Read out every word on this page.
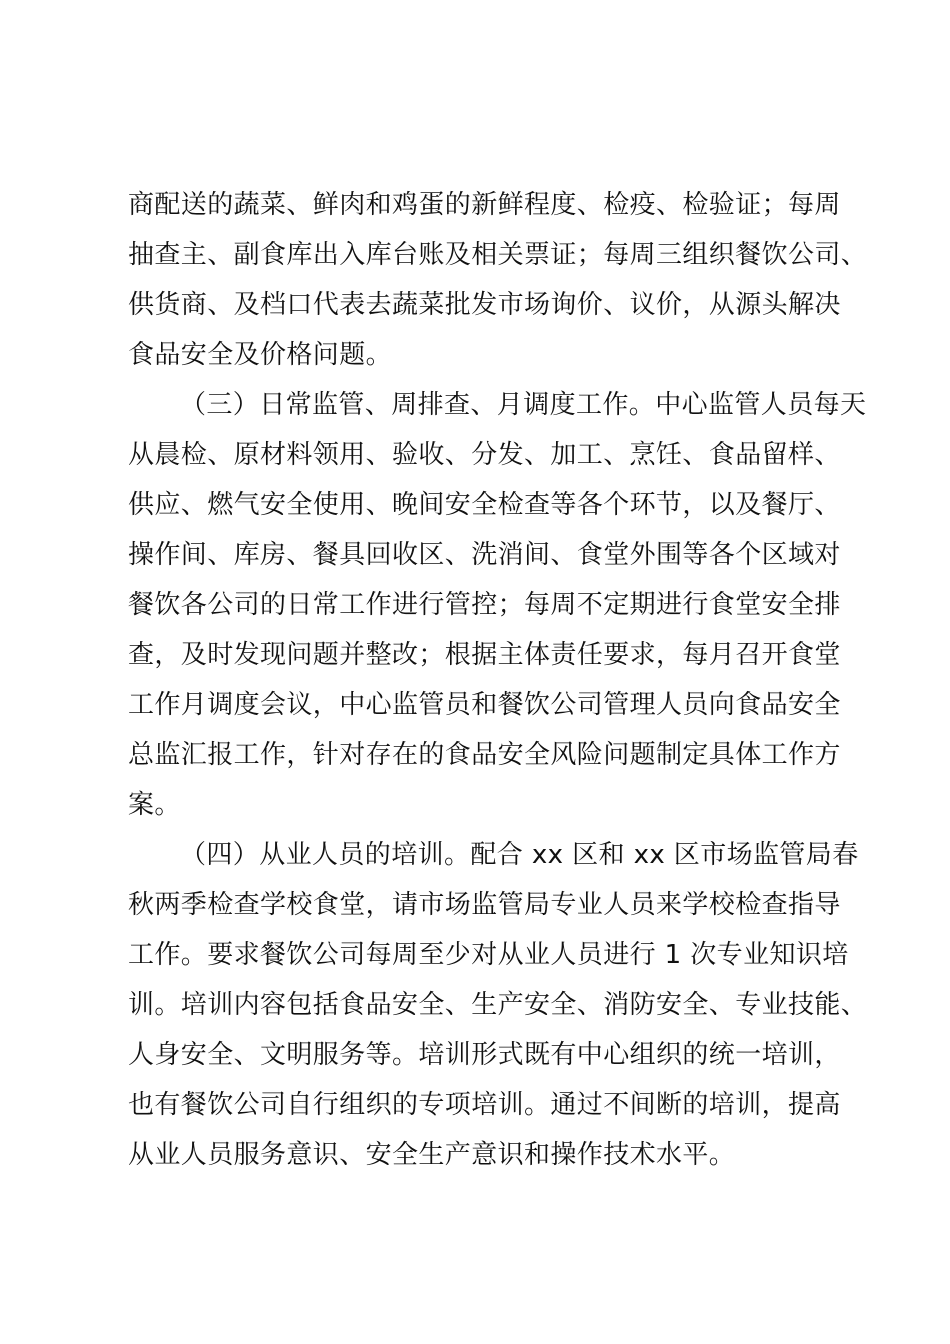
商配送的蔬菜、鲜肉和鸡蛋的新鲜程度、检疫、检验证；每周
抽查主、副食库出入库台账及相关票证；每周三组织餐饮公司、
供货商、及档口代表去蔬菜批发市场询价、议价，从源头解决
食品安全及价格问题。
（三）日常监管、周排查、月调度工作。中心监管人员每天
从晨检、原材料领用、验收、分发、加工、烹饪、食品留样、
供应、燃气安全使用、晚间安全检查等各个环节，以及餐厅、
操作间、库房、餐具回收区、洗消间、食堂外围等各个区域对
餐饮各公司的日常工作进行管控；每周不定期进行食堂安全排
查，及时发现问题并整改；根据主体责任要求，每月召开食堂
工作月调度会议，中心监管员和餐饮公司管理人员向食品安全
总监汇报工作，针对存在的食品安全风险问题制定具体工作方
案。
（四）从业人员的培训。配合 xx 区和 xx 区市场监管局春
秋两季检查学校食堂，请市场监管局专业人员来学校检查指导
工作。要求餐饮公司每周至少对从业人员进行 1 次专业知识培
训。培训内容包括食品安全、生产安全、消防安全、专业技能、
人身安全、文明服务等。培训形式既有中心组织的统一培训，
也有餐饮公司自行组织的专项培训。通过不间断的培训，提高
从业人员服务意识、安全生产意识和操作技术水平。
